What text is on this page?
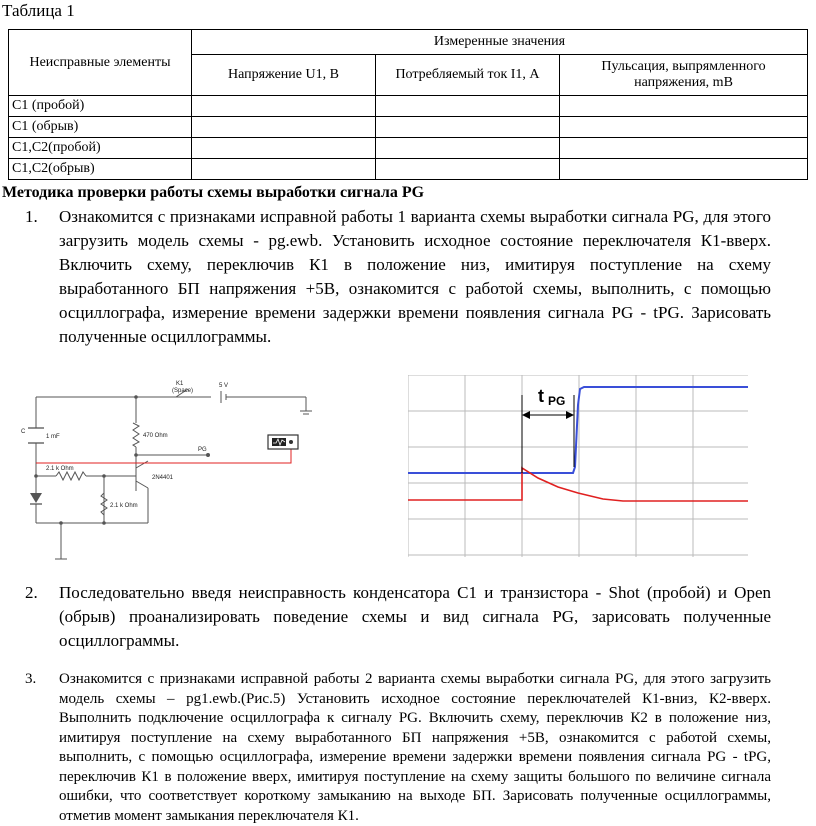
Таблица 1
Неисправные элементы	Измеренные значения		
	Напряжение U1, В	Потребляемый ток I1, А	Пульсация, выпрямленного напряжения, mВ
С1 (пробой)			
С1 (обрыв)			
С1,С2(пробой)			
С1,С2(обрыв)			
Методика проверки работы схемы выработки сигнала PG
1. Ознакомится с признаками исправной работы 1 варианта схемы выработки сигнала PG, для этого загрузить модель схемы - pg.ewb. Установить исходное состояние переключателя К1-вверх. Включить схему, переключив К1 в положение низ, имитируя поступление на схему выработанного БП напряжения +5В, ознакомится с работой схемы, выполнить, с помощью осциллографа, измерение времени задержки времени появления сигнала PG - tPG. Зарисовать полученные осциллограммы.
K1
(Space)
5 V
C
1 mF	470 Ohm
PG
2.1 k Ohm
2.1 k Ohm
2N4401
t PG
2. Последовательно введя неисправность конденсатора С1 и транзистора - Shot (пробой) и Open (обрыв) проанализировать поведение схемы и вид сигнала PG, зарисовать полученные осциллограммы.
3. Ознакомится с признаками исправной работы 2 варианта схемы выработки сигнала PG, для этого загрузить модель схемы – pg1.ewb.(Рис.5) Установить исходное состояние переключателей К1-вниз, К2-вверх. Выполнить подключение осциллографа к сигналу PG. Включить схему, переключив К2 в положение низ, имитируя поступление на схему выработанного БП напряжения +5В, ознакомится с работой схемы, выполнить, с помощью осциллографа, измерение времени задержки времени появления сигнала PG - tPG, переключив К1 в положение вверх, имитируя поступление на схему защиты большого по величине сигнала ошибки, что соответствует короткому замыканию на выходе БП. Зарисовать полученные осциллограммы, отметив момент замыкания переключателя К1.
